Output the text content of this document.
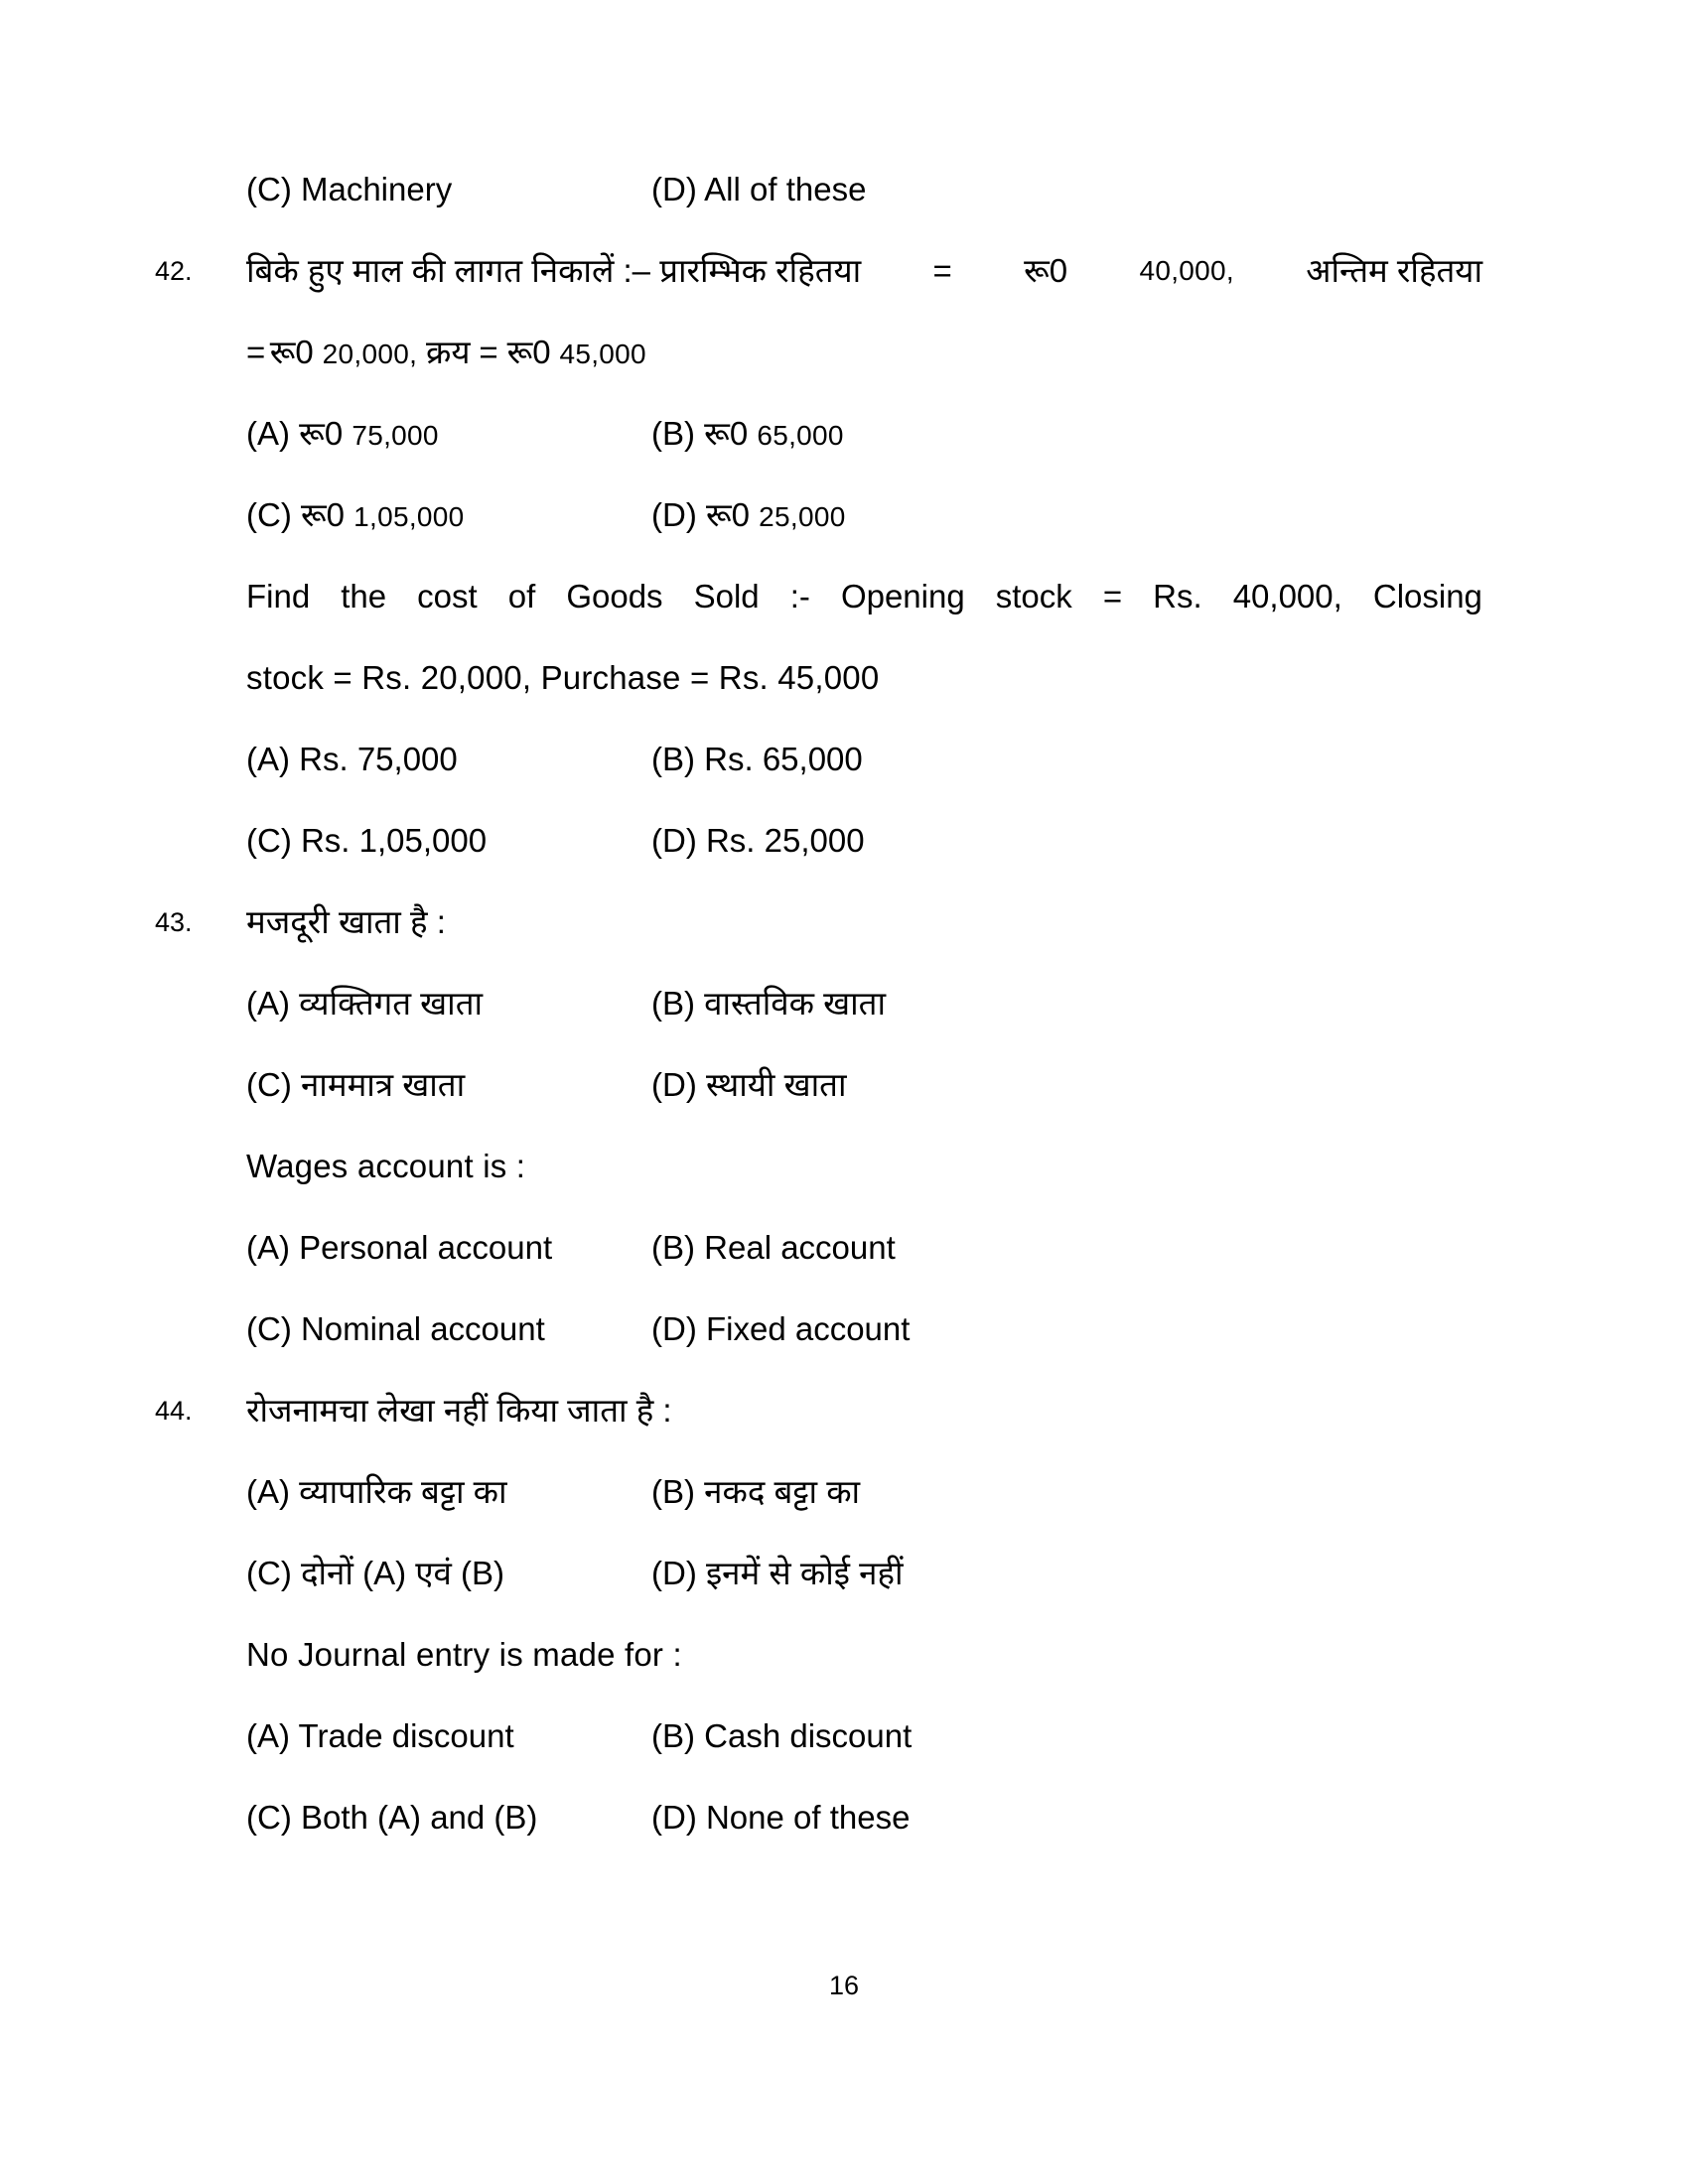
(C) Machinery	(D) All of these
42.	बिके हुए माल की लागत निकालें :– प्रारम्भिक रहितया = रू0	40,000, अन्तिम रहितया
= रू0 20,000, क्रय = रू0 45,000
(A) रू0 75,000	(B) रू0 65,000
(C) रू0 1,05,000	(D) रू0 25,000
Find the cost of Goods Sold :- Opening stock = Rs. 40,000, Closing
stock = Rs. 20,000, Purchase = Rs. 45,000
(A) Rs. 75,000	(B) Rs. 65,000
(C) Rs. 1,05,000	(D) Rs. 25,000
43.	मजदूरी खाता है :
(A) व्यक्तिगत खाता	(B) वास्तविक खाता
(C) नाममात्र खाता	(D) स्थायी खाता
Wages account is :
(A) Personal account	(B) Real account
(C) Nominal account	(D) Fixed account
44.	रोजनामचा लेखा नहीं किया जाता है :
(A) व्यापारिक बट्टा का	(B) नकद बट्टा का
(C) दोनों (A) एवं (B)	(D) इनमें से कोई नहीं
No Journal entry is made for :
(A) Trade discount	(B) Cash discount
(C) Both (A) and (B)	(D) None of these
16
